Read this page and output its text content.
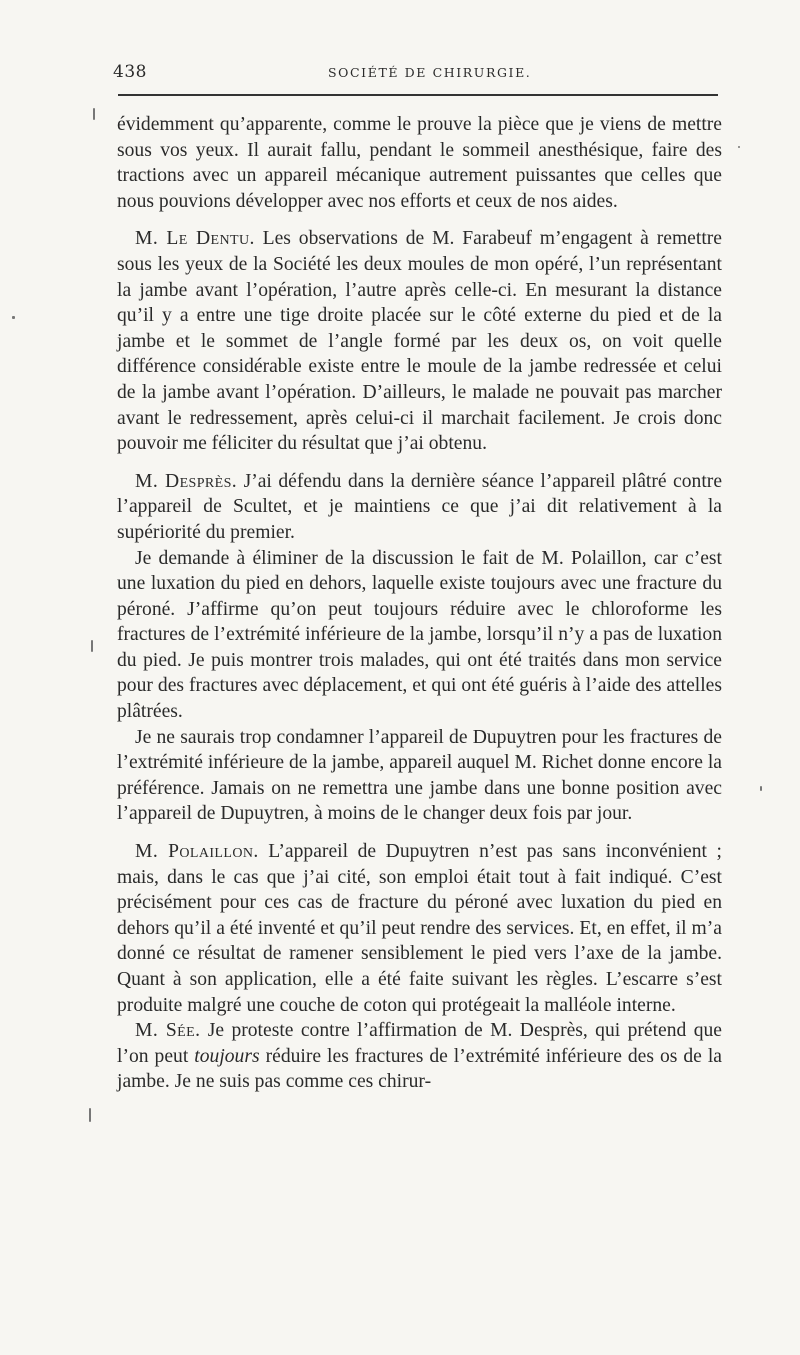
438	SOCIÉTÉ DE CHIRURGIE.

évidemment qu’apparente, comme le prouve la pièce que je viens de mettre sous vos yeux. Il aurait fallu, pendant le sommeil anesthésique, faire des tractions avec un appareil mécanique autrement puissantes que celles que nous pouvions développer avec nos efforts et ceux de nos aides.

M. Le Dentu. Les observations de M. Farabeuf m’engagent à remettre sous les yeux de la Société les deux moules de mon opéré, l’un représentant la jambe avant l’opération, l’autre après celle-ci. En mesurant la distance qu’il y a entre une tige droite placée sur le côté externe du pied et de la jambe et le sommet de l’angle formé par les deux os, on voit quelle différence considérable existe entre le moule de la jambe redressée et celui de la jambe avant l’opération. D’ailleurs, le malade ne pouvait pas marcher avant le redressement, après celui-ci il marchait facilement. Je crois donc pouvoir me féliciter du résultat que j’ai obtenu.

M. Desprès. J’ai défendu dans la dernière séance l’appareil plâtré contre l’appareil de Scultet, et je maintiens ce que j’ai dit relativement à la supériorité du premier.

Je demande à éliminer de la discussion le fait de M. Polaillon, car c’est une luxation du pied en dehors, laquelle existe toujours avec une fracture du péroné. J’affirme qu’on peut toujours réduire avec le chloroforme les fractures de l’extrémité inférieure de la jambe, lorsqu’il n’y a pas de luxation du pied. Je puis montrer trois malades, qui ont été traités dans mon service pour des fractures avec déplacement, et qui ont été guéris à l’aide des attelles plâtrées.

Je ne saurais trop condamner l’appareil de Dupuytren pour les fractures de l’extrémité inférieure de la jambe, appareil auquel M. Richet donne encore la préférence. Jamais on ne remettra une jambe dans une bonne position avec l’appareil de Dupuytren, à moins de le changer deux fois par jour.

M. Polaillon. L’appareil de Dupuytren n’est pas sans inconvénient ; mais, dans le cas que j’ai cité, son emploi était tout à fait indiqué. C’est précisément pour ces cas de fracture du péroné avec luxation du pied en dehors qu’il a été inventé et qu’il peut rendre des services. Et, en effet, il m’a donné ce résultat de ramener sensiblement le pied vers l’axe de la jambe. Quant à son application, elle a été faite suivant les règles. L’escarre s’est produite malgré une couche de coton qui protégeait la malléole interne.

M. Sée. Je proteste contre l’affirmation de M. Desprès, qui prétend que l’on peut toujours réduire les fractures de l’extrémité inférieure des os de la jambe. Je ne suis pas comme ces chirur-
